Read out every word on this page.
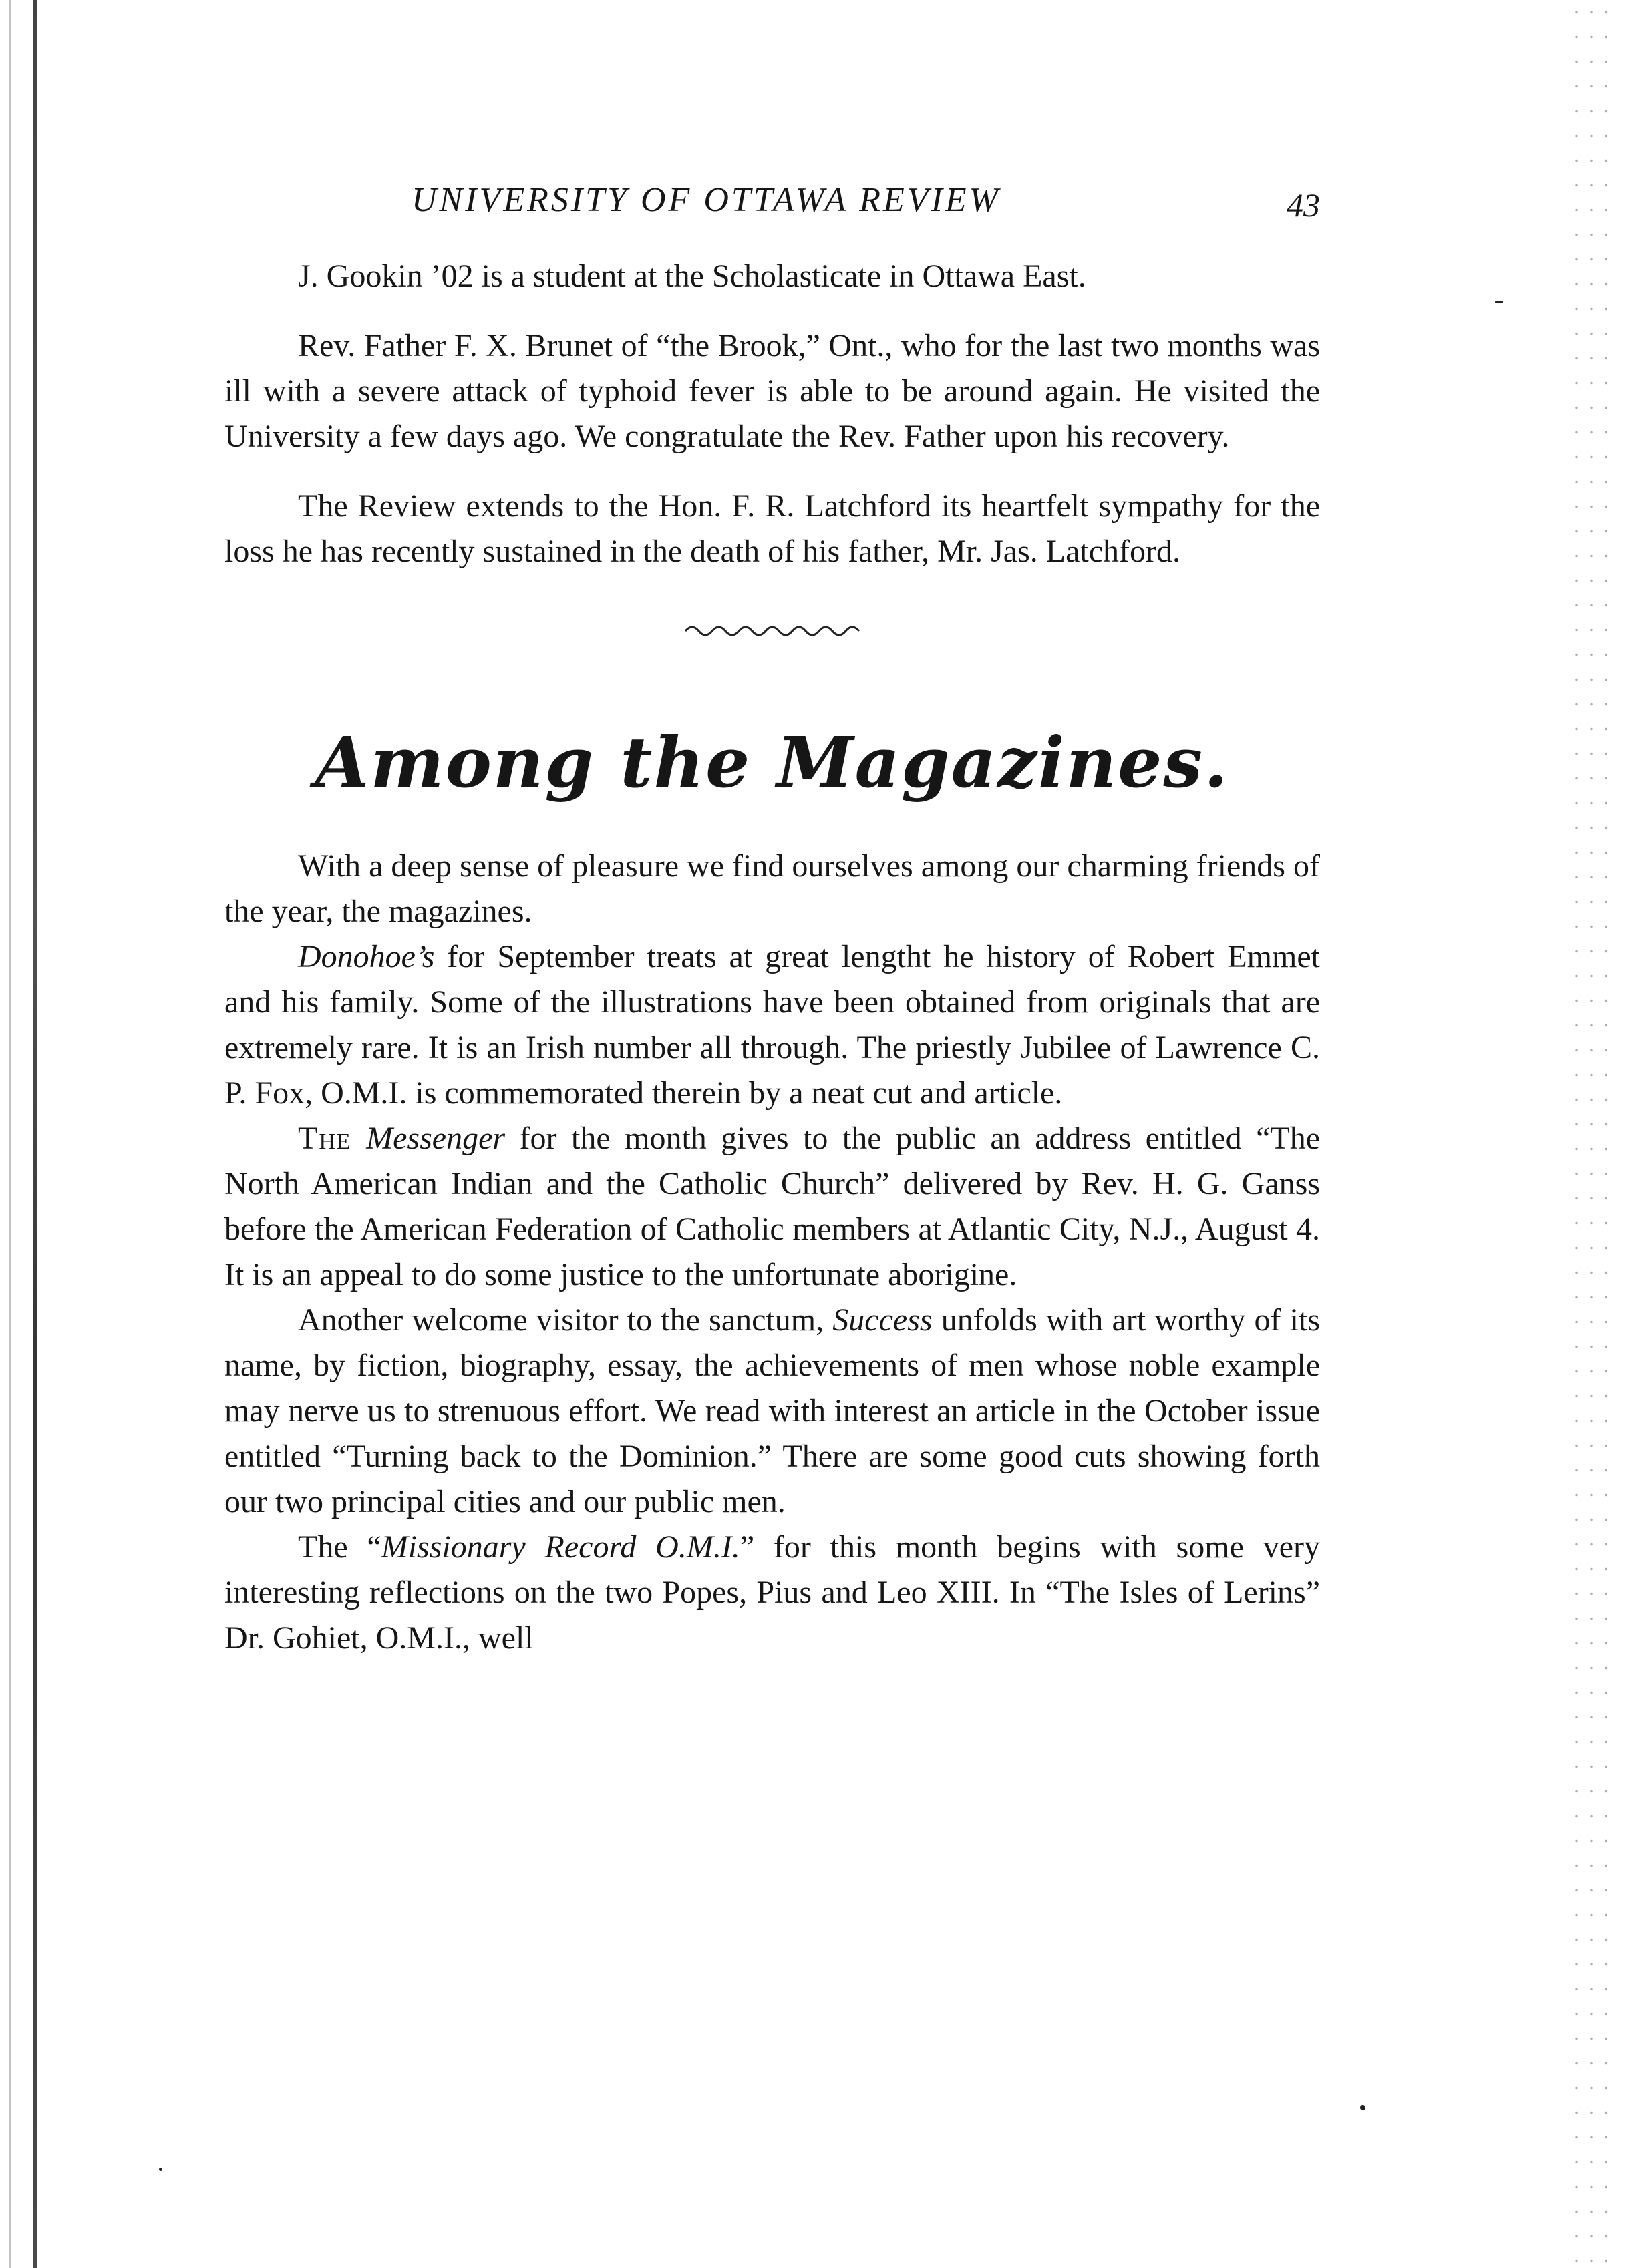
UNIVERSITY OF OTTAWA REVIEW	43

J. Gookin ’02 is a student at the Scholasticate in Ottawa East.

Rev. Father F. X. Brunet of “the Brook,” Ont., who for the last two months was ill with a severe attack of typhoid fever is able to be around again. He visited the University a few days ago. We congratulate the Rev. Father upon his recovery.

The Review extends to the Hon. F. R. Latchford its heartfelt sympathy for the loss he has recently sustained in the death of his father, Mr. Jas. Latchford.

Among the Magazines.

With a deep sense of pleasure we find ourselves among our charming friends of the year, the magazines.

Donohoe’s for September treats at great lengtht he history of Robert Emmet and his family. Some of the illustrations have been obtained from originals that are extremely rare. It is an Irish number all through. The priestly Jubilee of Lawrence C. P. Fox, O.M.I. is commemorated therein by a neat cut and article.

The Messenger for the month gives to the public an address entitled “The North American Indian and the Catholic Church” delivered by Rev. H. G. Ganss before the American Federation of Catholic members at Atlantic City, N.J., August 4. It is an appeal to do some justice to the unfortunate aborigine.

Another welcome visitor to the sanctum, Success unfolds with art worthy of its name, by fiction, biography, essay, the achievements of men whose noble example may nerve us to strenuous effort. We read with interest an article in the October issue entitled “Turning back to the Dominion.” There are some good cuts showing forth our two principal cities and our public men.

The “Missionary Record O.M.I.” for this month begins with some very interesting reflections on the two Popes, Pius and Leo XIII. In “The Isles of Lerins” Dr. Gohiet, O.M.I., well
